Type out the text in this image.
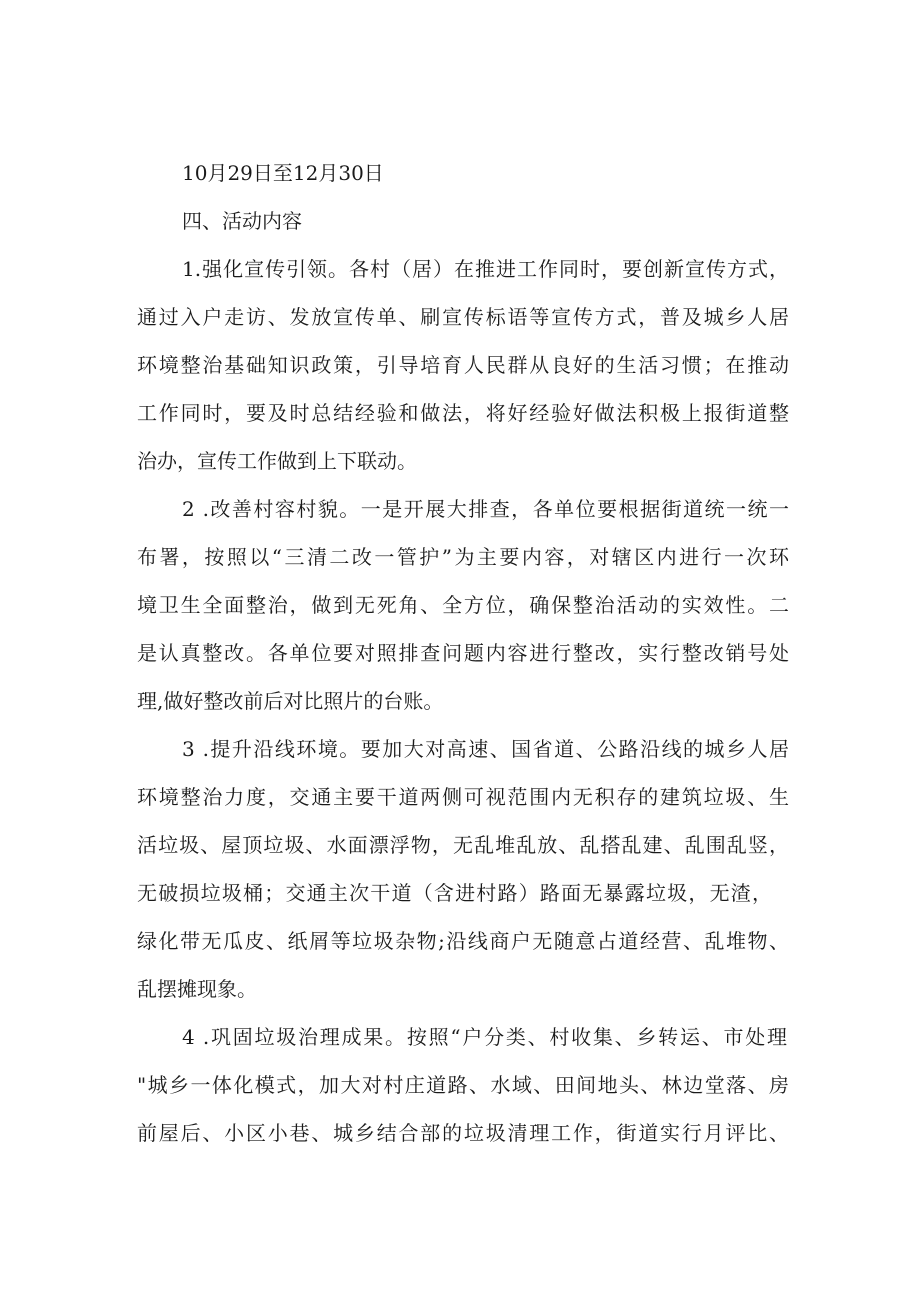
10月29日至12月30日
四、活动内容
1.强化宣传引领。各村（居）在推进工作同时，要创新宣传方式，
通过入户走访、发放宣传单、刷宣传标语等宣传方式，普及城乡人居
环境整治基础知识政策，引导培育人民群从良好的生活习惯；在推动
工作同时，要及时总结经验和做法，将好经验好做法积极上报街道整
治办，宣传工作做到上下联动。
2 .改善村容村貌。一是开展大排查，各单位要根据街道统一统一
布署，按照以“三清二改一管护”为主要内容，对辖区内进行一次环
境卫生全面整治，做到无死角、全方位，确保整治活动的实效性。二
是认真整改。各单位要对照排查问题内容进行整改，实行整改销号处
理,做好整改前后对比照片的台账。
3 .提升沿线环境。要加大对高速、国省道、公路沿线的城乡人居
环境整治力度，交通主要干道两侧可视范围内无积存的建筑垃圾、生
活垃圾、屋顶垃圾、水面漂浮物，无乱堆乱放、乱搭乱建、乱围乱竖，
无破损垃圾桶；交通主次干道（含进村路）路面无暴露垃圾，无渣，
绿化带无瓜皮、纸屑等垃圾杂物;沿线商户无随意占道经营、乱堆物、
乱摆摊现象。
4 .巩固垃圾治理成果。按照“户分类、村收集、乡转运、市处理
"城乡一体化模式，加大对村庄道路、水域、田间地头、林边堂落、房
前屋后、小区小巷、城乡结合部的垃圾清理工作，街道实行月评比、
